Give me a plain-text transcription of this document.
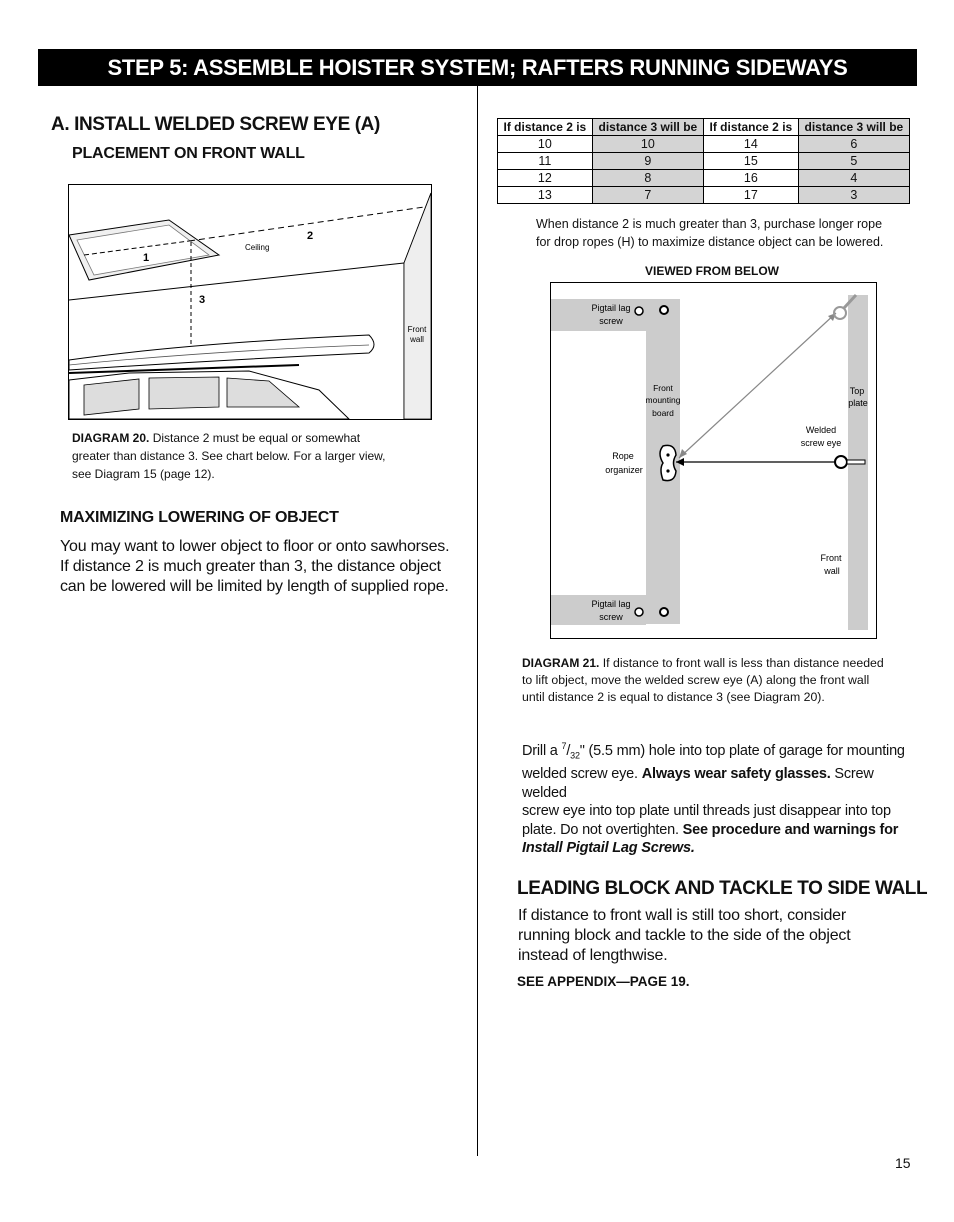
STEP 5: ASSEMBLE HOISTER SYSTEM; RAFTERS RUNNING SIDEWAYS
A. INSTALL WELDED SCREW EYE (A)
PLACEMENT ON FRONT WALL
2
1
3
Ceiling
Front
wall
DIAGRAM 20. Distance 2 must be equal or somewhat
greater than distance 3. See chart below. For a larger view,
see Diagram 15 (page 12).
MAXIMIZING LOWERING OF OBJECT
You may want to lower object to floor or onto sawhorses.
If distance 2 is much greater than 3, the distance object
can be lowered will be limited by length of supplied rope.
If distance 2 is	distance 3 will be	If distance 2 is	distance 3 will be
10	10	14	6
11	9	15	5
12	8	16	4
13	7	17	3
When distance 2 is much greater than 3, purchase longer rope
for drop ropes (H) to maximize distance object can be lowered.
VIEWED FROM BELOW
Pigtail lag
screw
Pigtail lag
screw
Front
mounting
board
Top
plate
Welded
screw eye
Rope
organizer
Front
wall
DIAGRAM 21. If distance to front wall is less than distance needed
to lift object, move the welded screw eye (A) along the front wall
until distance 2 is equal to distance 3 (see Diagram 20).
Drill a $^7/_{32}$" (5.5 mm) hole into top plate of garage for mounting
welded screw eye. Always wear safety glasses. Screw welded
screw eye into top plate until threads just disappear into top
plate. Do not overtighten. See procedure and warnings for
Install Pigtail Lag Screws.
LEADING BLOCK AND TACKLE TO SIDE WALL
If distance to front wall is still too short, consider
running block and tackle to the side of the object
instead of lengthwise.
SEE APPENDIX—PAGE 19.
15
